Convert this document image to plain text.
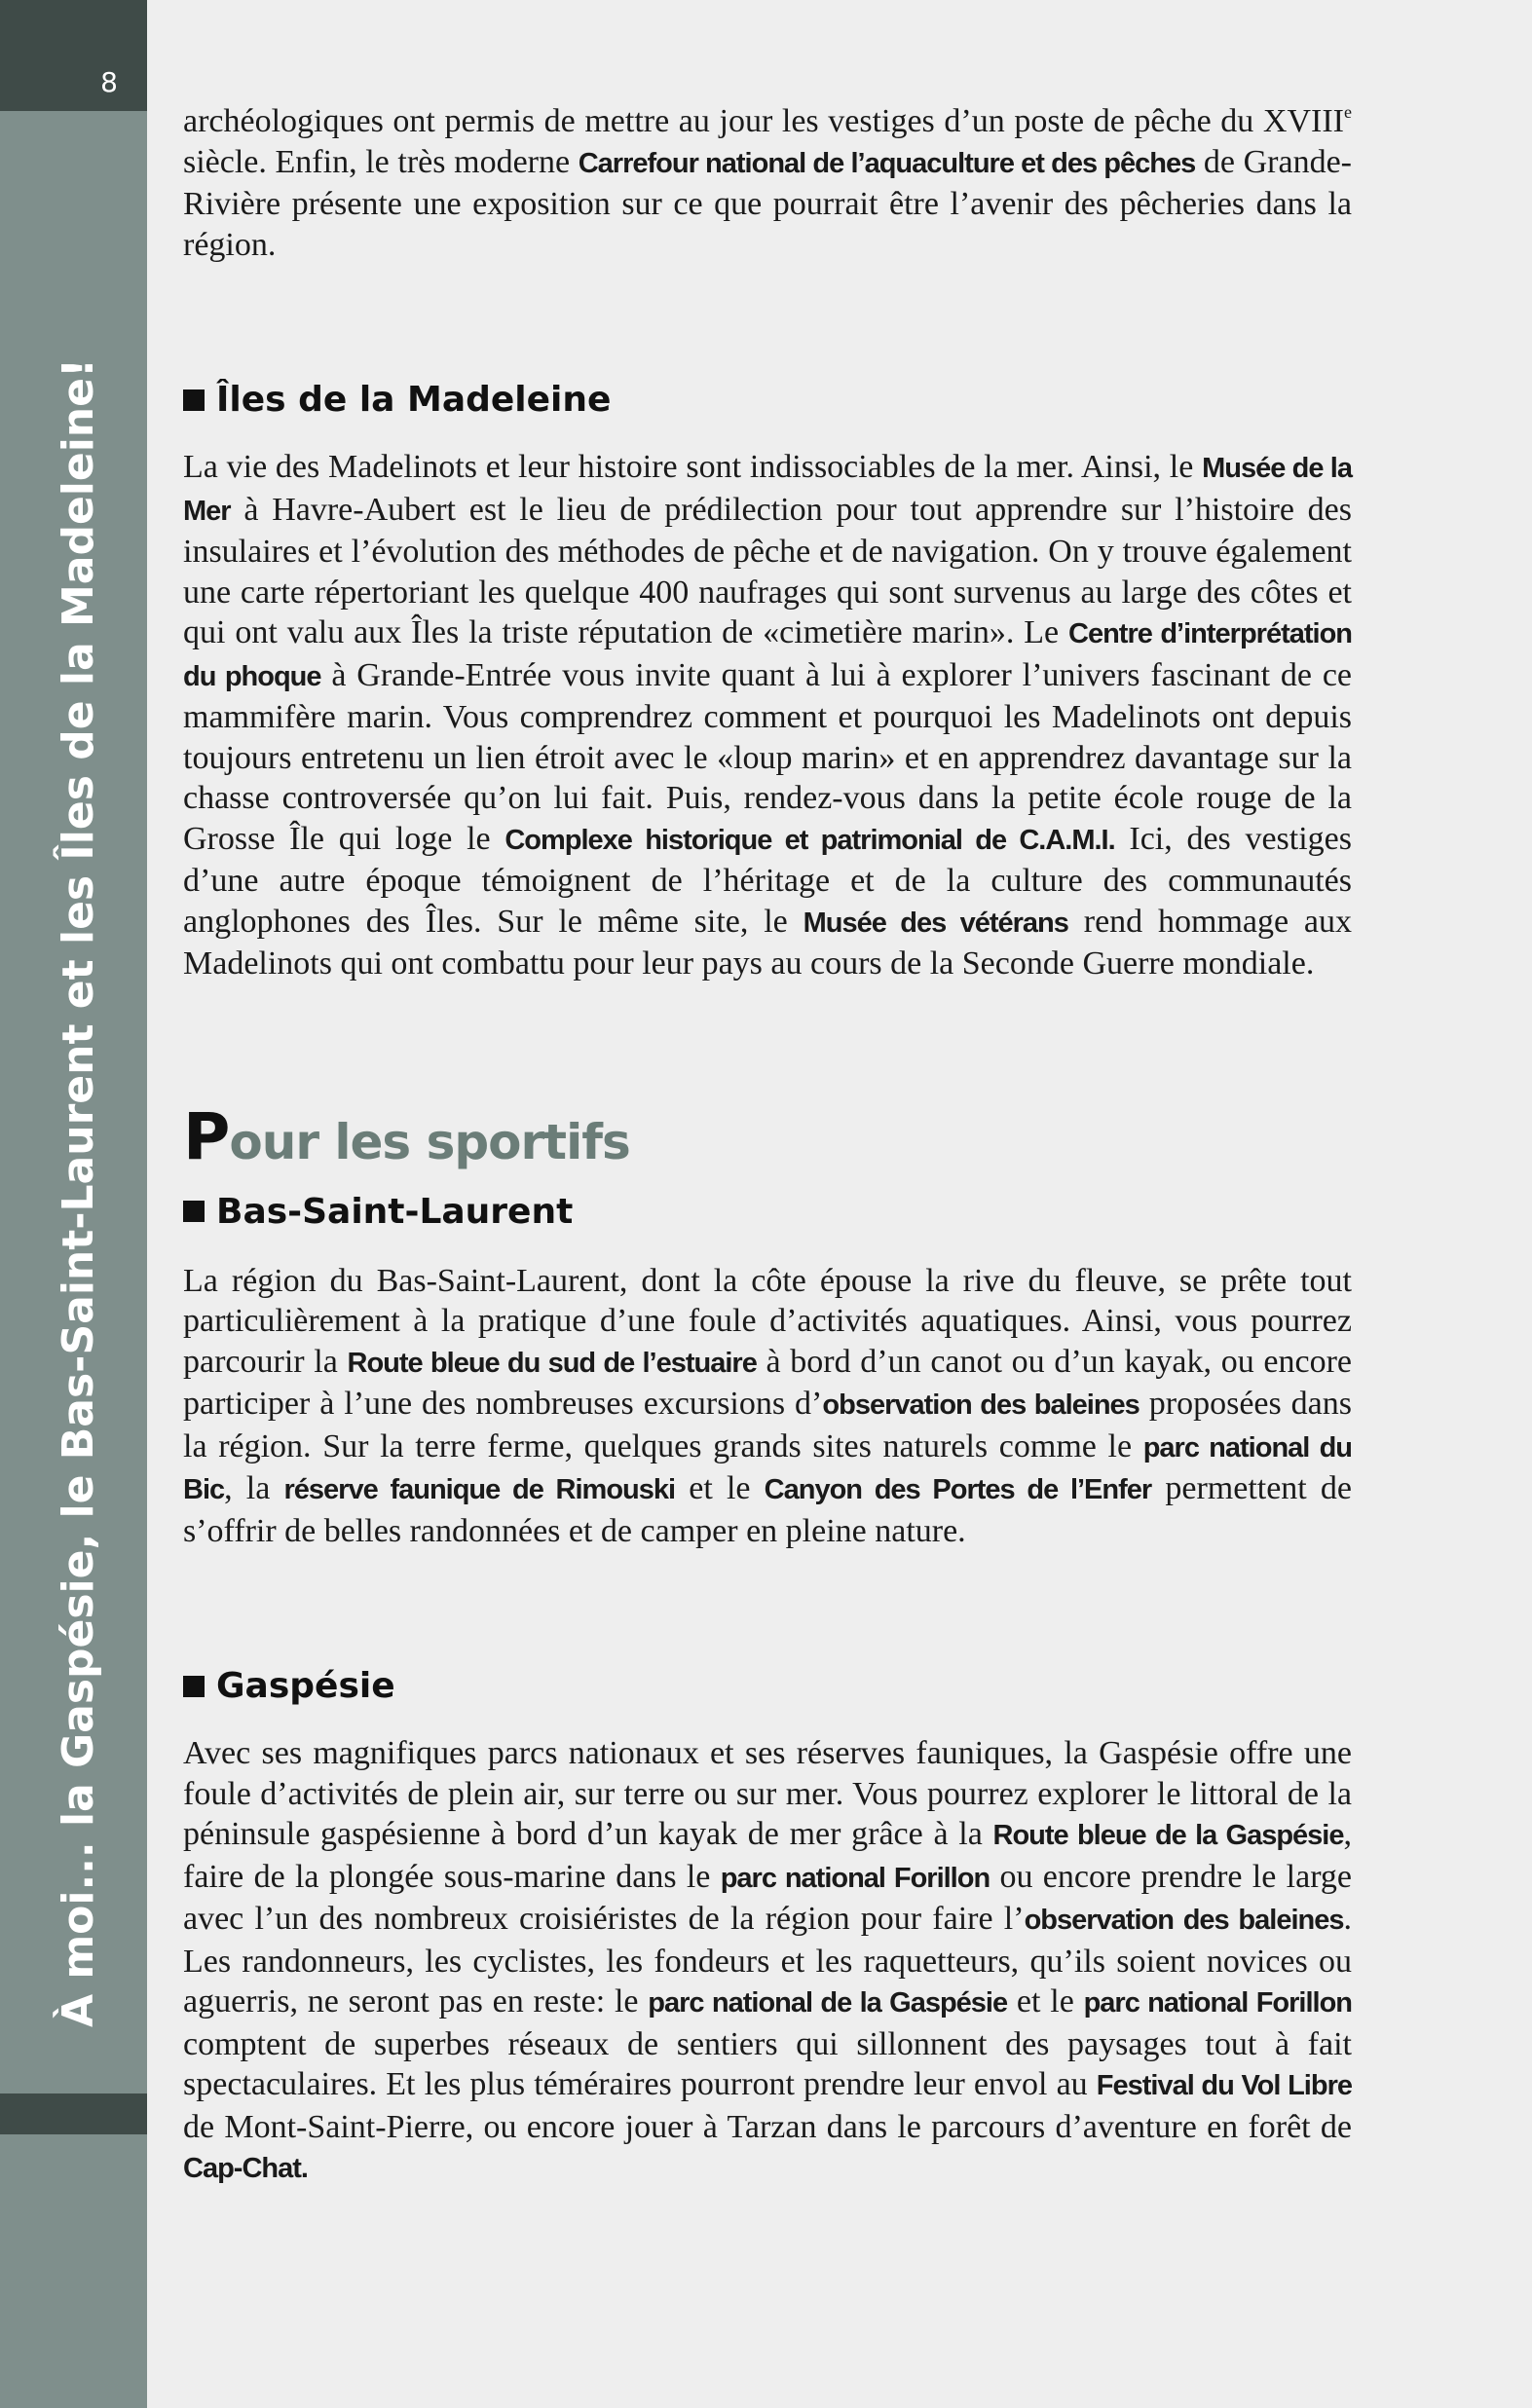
8
À moi... la Gaspésie, le Bas-Saint-Laurent et les Îles de la Madeleine!

archéologiques ont permis de mettre au jour les vestiges d’un poste de pêche du XVIIIe siècle. Enfin, le très moderne Carrefour national de l’aquaculture et des pêches de Grande-Rivière présente une exposition sur ce que pourrait être l’avenir des pêcheries dans la région.

Îles de la Madeleine

La vie des Madelinots et leur histoire sont indissociables de la mer. Ainsi, le Musée de la Mer à Havre-Aubert est le lieu de prédilection pour tout apprendre sur l’histoire des insulaires et l’évolution des méthodes de pêche et de navigation. On y trouve également une carte répertoriant les quelque 400 naufrages qui sont survenus au large des côtes et qui ont valu aux Îles la triste réputation de «cimetière marin». Le Centre d’interprétation du phoque à Grande-Entrée vous invite quant à lui à explorer l’univers fascinant de ce mammifère marin. Vous comprendrez comment et pourquoi les Madelinots ont depuis toujours entretenu un lien étroit avec le «loup marin» et en apprendrez davantage sur la chasse controversée qu’on lui fait. Puis, rendez-vous dans la petite école rouge de la Grosse Île qui loge le Complexe historique et patrimonial de C.A.M.I. Ici, des vestiges d’une autre époque témoignent de l’héritage et de la culture des communautés anglophones des Îles. Sur le même site, le Musée des vétérans rend hommage aux Madelinots qui ont combattu pour leur pays au cours de la Seconde Guerre mondiale.

Pour les sportifs
Bas-Saint-Laurent

La région du Bas-Saint-Laurent, dont la côte épouse la rive du fleuve, se prête tout particulièrement à la pratique d’une foule d’activités aquatiques. Ainsi, vous pourrez parcourir la Route bleue du sud de l’estuaire à bord d’un canot ou d’un kayak, ou encore participer à l’une des nombreuses excursions d’observation des baleines proposées dans la région. Sur la terre ferme, quelques grands sites naturels comme le parc national du Bic, la réserve faunique de Rimouski et le Canyon des Portes de l’Enfer permettent de s’offrir de belles randonnées et de camper en pleine nature.

Gaspésie

Avec ses magnifiques parcs nationaux et ses réserves fauniques, la Gaspésie offre une foule d’activités de plein air, sur terre ou sur mer. Vous pourrez explorer le littoral de la péninsule gaspésienne à bord d’un kayak de mer grâce à la Route bleue de la Gaspésie, faire de la plongée sous-marine dans le parc national Forillon ou encore prendre le large avec l’un des nombreux croisiéristes de la région pour faire l’observation des baleines. Les randonneurs, les cyclistes, les fondeurs et les raquetteurs, qu’ils soient novices ou aguerris, ne seront pas en reste: le parc national de la Gaspésie et le parc national Forillon comptent de superbes réseaux de sentiers qui sillonnent des paysages tout à fait spectaculaires. Et les plus téméraires pourront prendre leur envol au Festival du Vol Libre de Mont-Saint-Pierre, ou encore jouer à Tarzan dans le parcours d’aventure en forêt de Cap-Chat.
